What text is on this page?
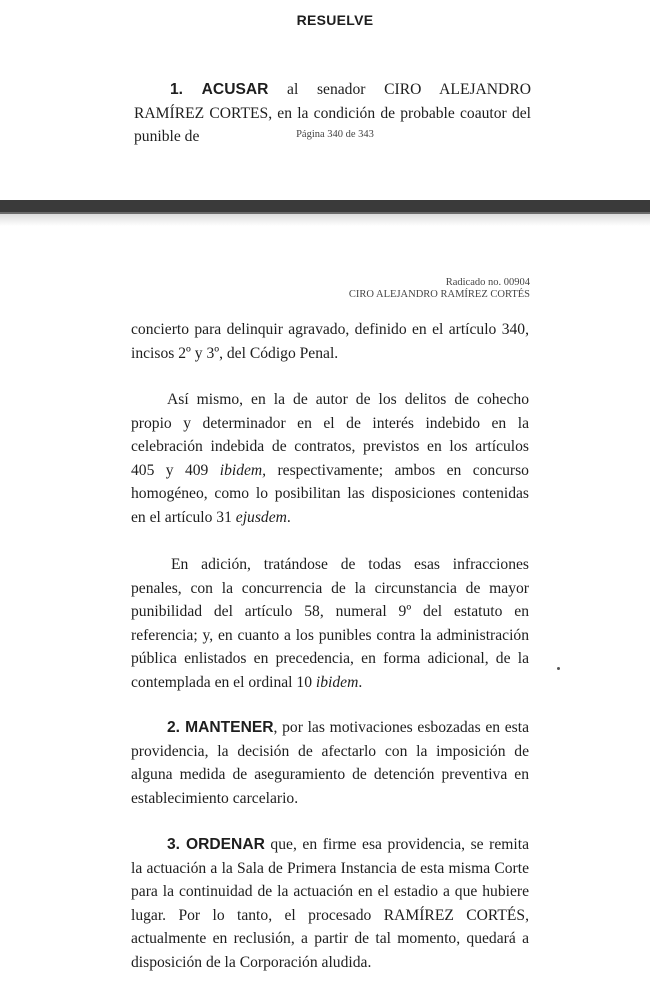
RESUELVE
1. ACUSAR al senador CIRO ALEJANDRO RAMÍREZ CORTES, en la condición de probable coautor del punible de	Página 340 de 343
Radicado no. 00904
CIRO ALEJANDRO RAMÍREZ CORTÉS
concierto para delinquir agravado, definido en el artículo 340, incisos 2º y 3º, del Código Penal.
Así mismo, en la de autor de los delitos de cohecho propio y determinador en el de interés indebido en la celebración indebida de contratos, previstos en los artículos 405 y 409 ibidem, respectivamente; ambos en concurso homogéneo, como lo posibilitan las disposiciones contenidas en el artículo 31 ejusdem.
En adición, tratándose de todas esas infracciones penales, con la concurrencia de la circunstancia de mayor punibilidad del artículo 58, numeral 9º del estatuto en referencia; y, en cuanto a los punibles contra la administración pública enlistados en precedencia, en forma adicional, de la contemplada en el ordinal 10 ibidem.
2. MANTENER, por las motivaciones esbozadas en esta providencia, la decisión de afectarlo con la imposición de alguna medida de aseguramiento de detención preventiva en establecimiento carcelario.
3. ORDENAR que, en firme esa providencia, se remita la actuación a la Sala de Primera Instancia de esta misma Corte para la continuidad de la actuación en el estadio a que hubiere lugar. Por lo tanto, el procesado RAMÍREZ CORTÉS, actualmente en reclusión, a partir de tal momento, quedará a disposición de la Corporación aludida.
